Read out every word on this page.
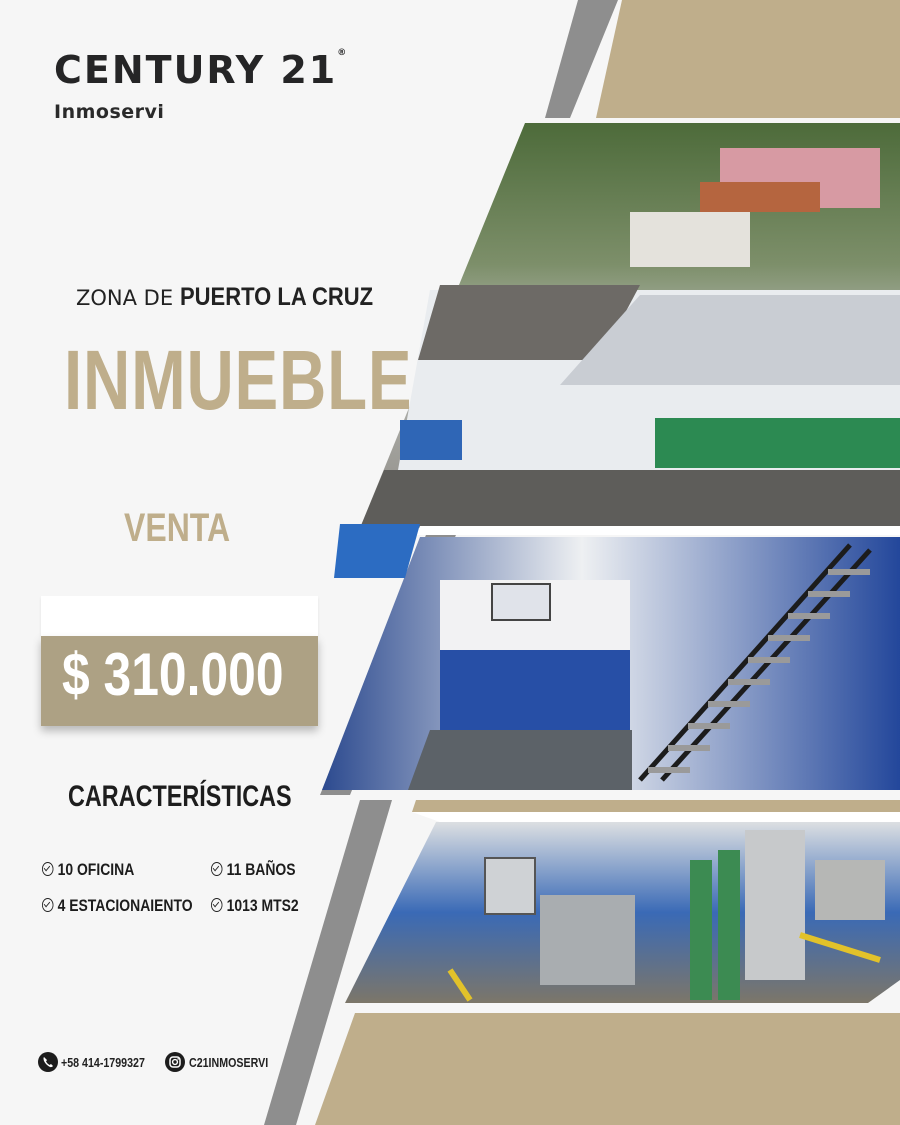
CENTURY 21®
Inmoservi
ZONA DE PUERTO LA CRUZ
INMUEBLE
VENTA
$ 310.000
CARACTERÍSTICAS
10 OFICINA	11 BAÑOS
4 ESTACIONAIENTO	1013 MTS2
+58 414-1799327	C21INMOSERVI
